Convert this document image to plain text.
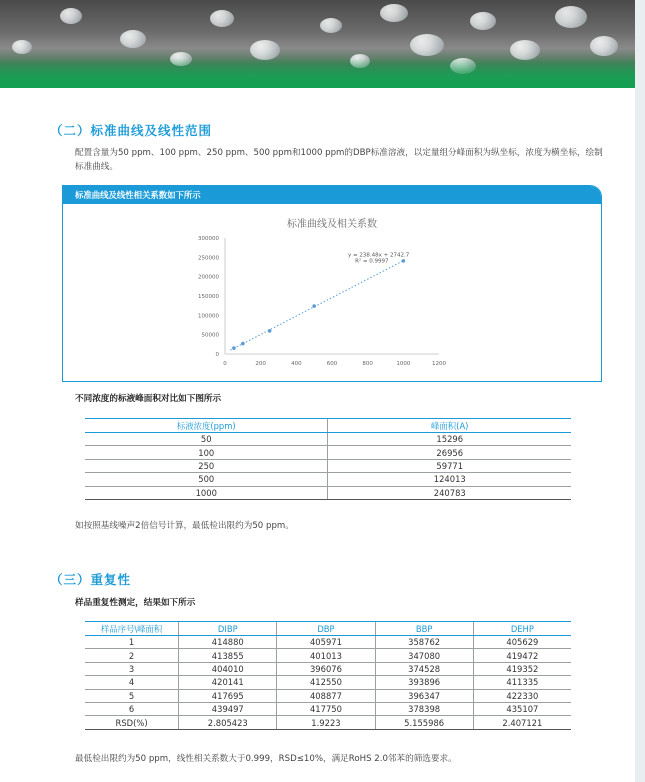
（二）标准曲线及线性范围
配置含量为50 ppm、100 ppm、250 ppm、500 ppm和1000 ppm的DBP标准溶液，以定量组分峰面积为纵坐标，浓度为横坐标，绘制标准曲线。
标准曲线及线性相关系数如下所示
标准曲线及相关系数
0
50000
100000
150000
200000
250000
300000
0	200	400	600	800	1000	1200
y = 238.48x + 2742.7
R² = 0.9997
不同浓度的标液峰面积对比如下图所示
标液浓度(ppm)	峰面积(A)
50	15296
100	26956
250	59771
500	124013
1000	240783
如按照基线噪声2倍信号计算，最低检出限约为50 ppm。
（三）重复性
样品重复性测定，结果如下所示
样品序号\峰面积	DIBP	DBP	BBP	DEHP
1	414880	405971	358762	405629
2	413855	401013	347080	419472
3	404010	396076	374528	419352
4	420141	412550	393896	411335
5	417695	408877	396347	422330
6	439497	417750	378398	435107
RSD(%)	2.805423	1.9223	5.155986	2.407121
最低检出限约为50 ppm，线性相关系数大于0.999，RSD≤10%，满足RoHS 2.0邻苯的筛选要求。
